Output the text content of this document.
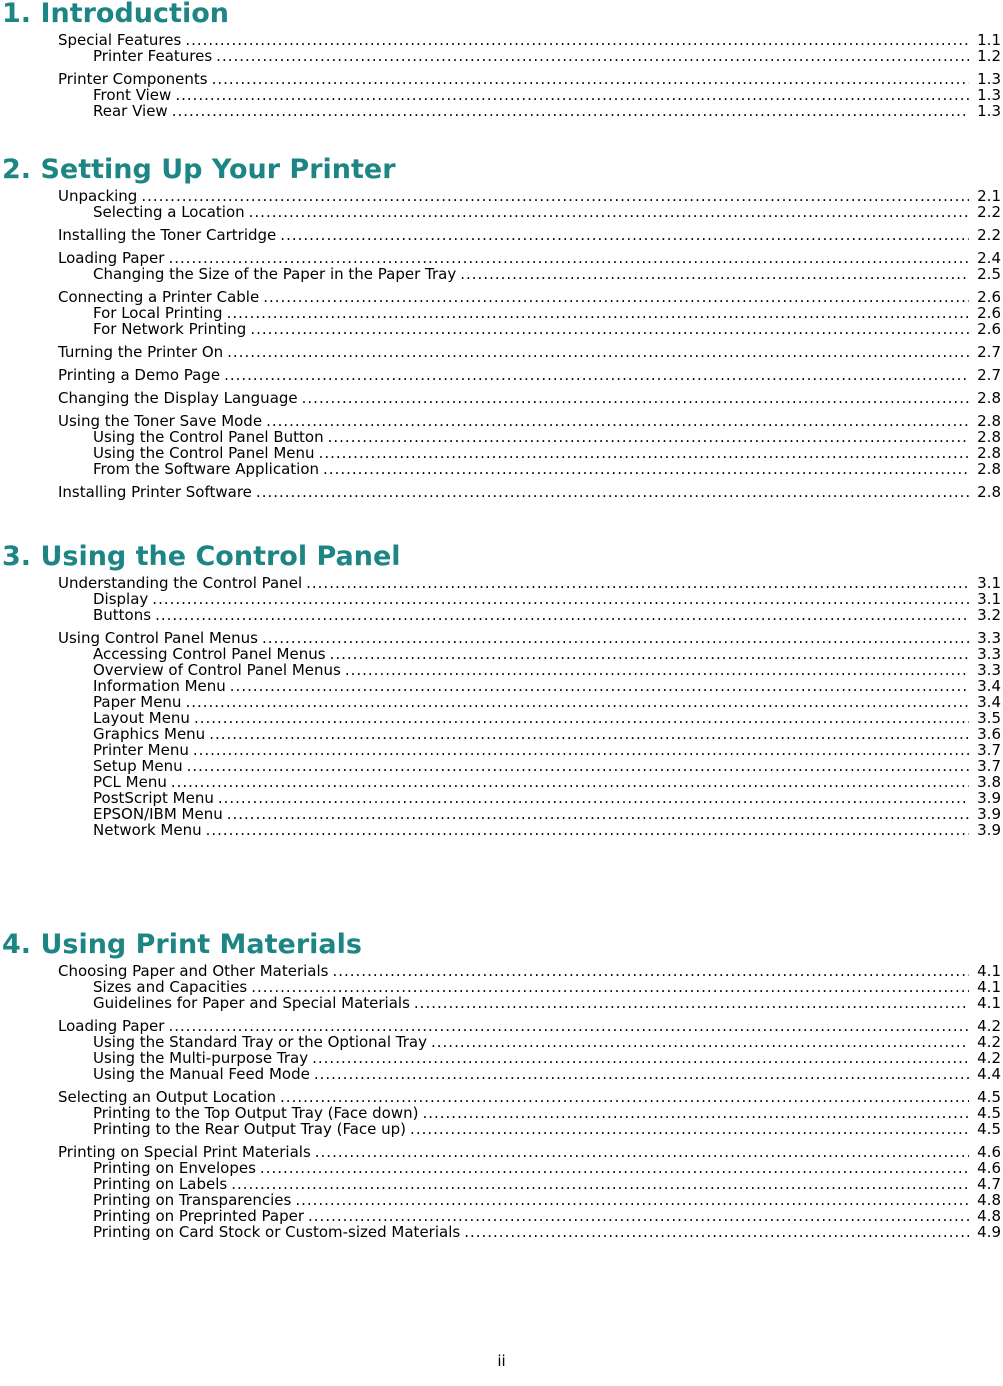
1. Introduction
Special Features .....	1.1
Printer Features .....	1.2
Printer Components .....	1.3
Front View .....	1.3
Rear View .....	1.3
2. Setting Up Your Printer
Unpacking .....	2.1
Selecting a Location .....	2.2
Installing the Toner Cartridge .....	2.2
Loading Paper .....	2.4
Changing the Size of the Paper in the Paper Tray .....	2.5
Connecting a Printer Cable .....	2.6
For Local Printing .....	2.6
For Network Printing .....	2.6
Turning the Printer On .....	2.7
Printing a Demo Page .....	2.7
Changing the Display Language .....	2.8
Using the Toner Save Mode .....	2.8
Using the Control Panel Button .....	2.8
Using the Control Panel Menu .....	2.8
From the Software Application .....	2.8
Installing Printer Software .....	2.8
3. Using the Control Panel
Understanding the Control Panel .....	3.1
Display .....	3.1
Buttons .....	3.2
Using Control Panel Menus .....	3.3
Accessing Control Panel Menus .....	3.3
Overview of Control Panel Menus .....	3.3
Information Menu .....	3.4
Paper Menu .....	3.4
Layout Menu .....	3.5
Graphics Menu .....	3.6
Printer Menu .....	3.7
Setup Menu .....	3.7
PCL Menu .....	3.8
PostScript Menu .....	3.9
EPSON/IBM Menu .....	3.9
Network Menu .....	3.9
4. Using Print Materials
Choosing Paper and Other Materials .....	4.1
Sizes and Capacities .....	4.1
Guidelines for Paper and Special Materials .....	4.1
Loading Paper .....	4.2
Using the Standard Tray or the Optional Tray .....	4.2
Using the Multi-purpose Tray .....	4.2
Using the Manual Feed Mode .....	4.4
Selecting an Output Location .....	4.5
Printing to the Top Output Tray (Face down) .....	4.5
Printing to the Rear Output Tray (Face up) .....	4.5
Printing on Special Print Materials .....	4.6
Printing on Envelopes .....	4.6
Printing on Labels .....	4.7
Printing on Transparencies .....	4.8
Printing on Preprinted Paper .....	4.8
Printing on Card Stock or Custom-sized Materials .....	4.9
ii
